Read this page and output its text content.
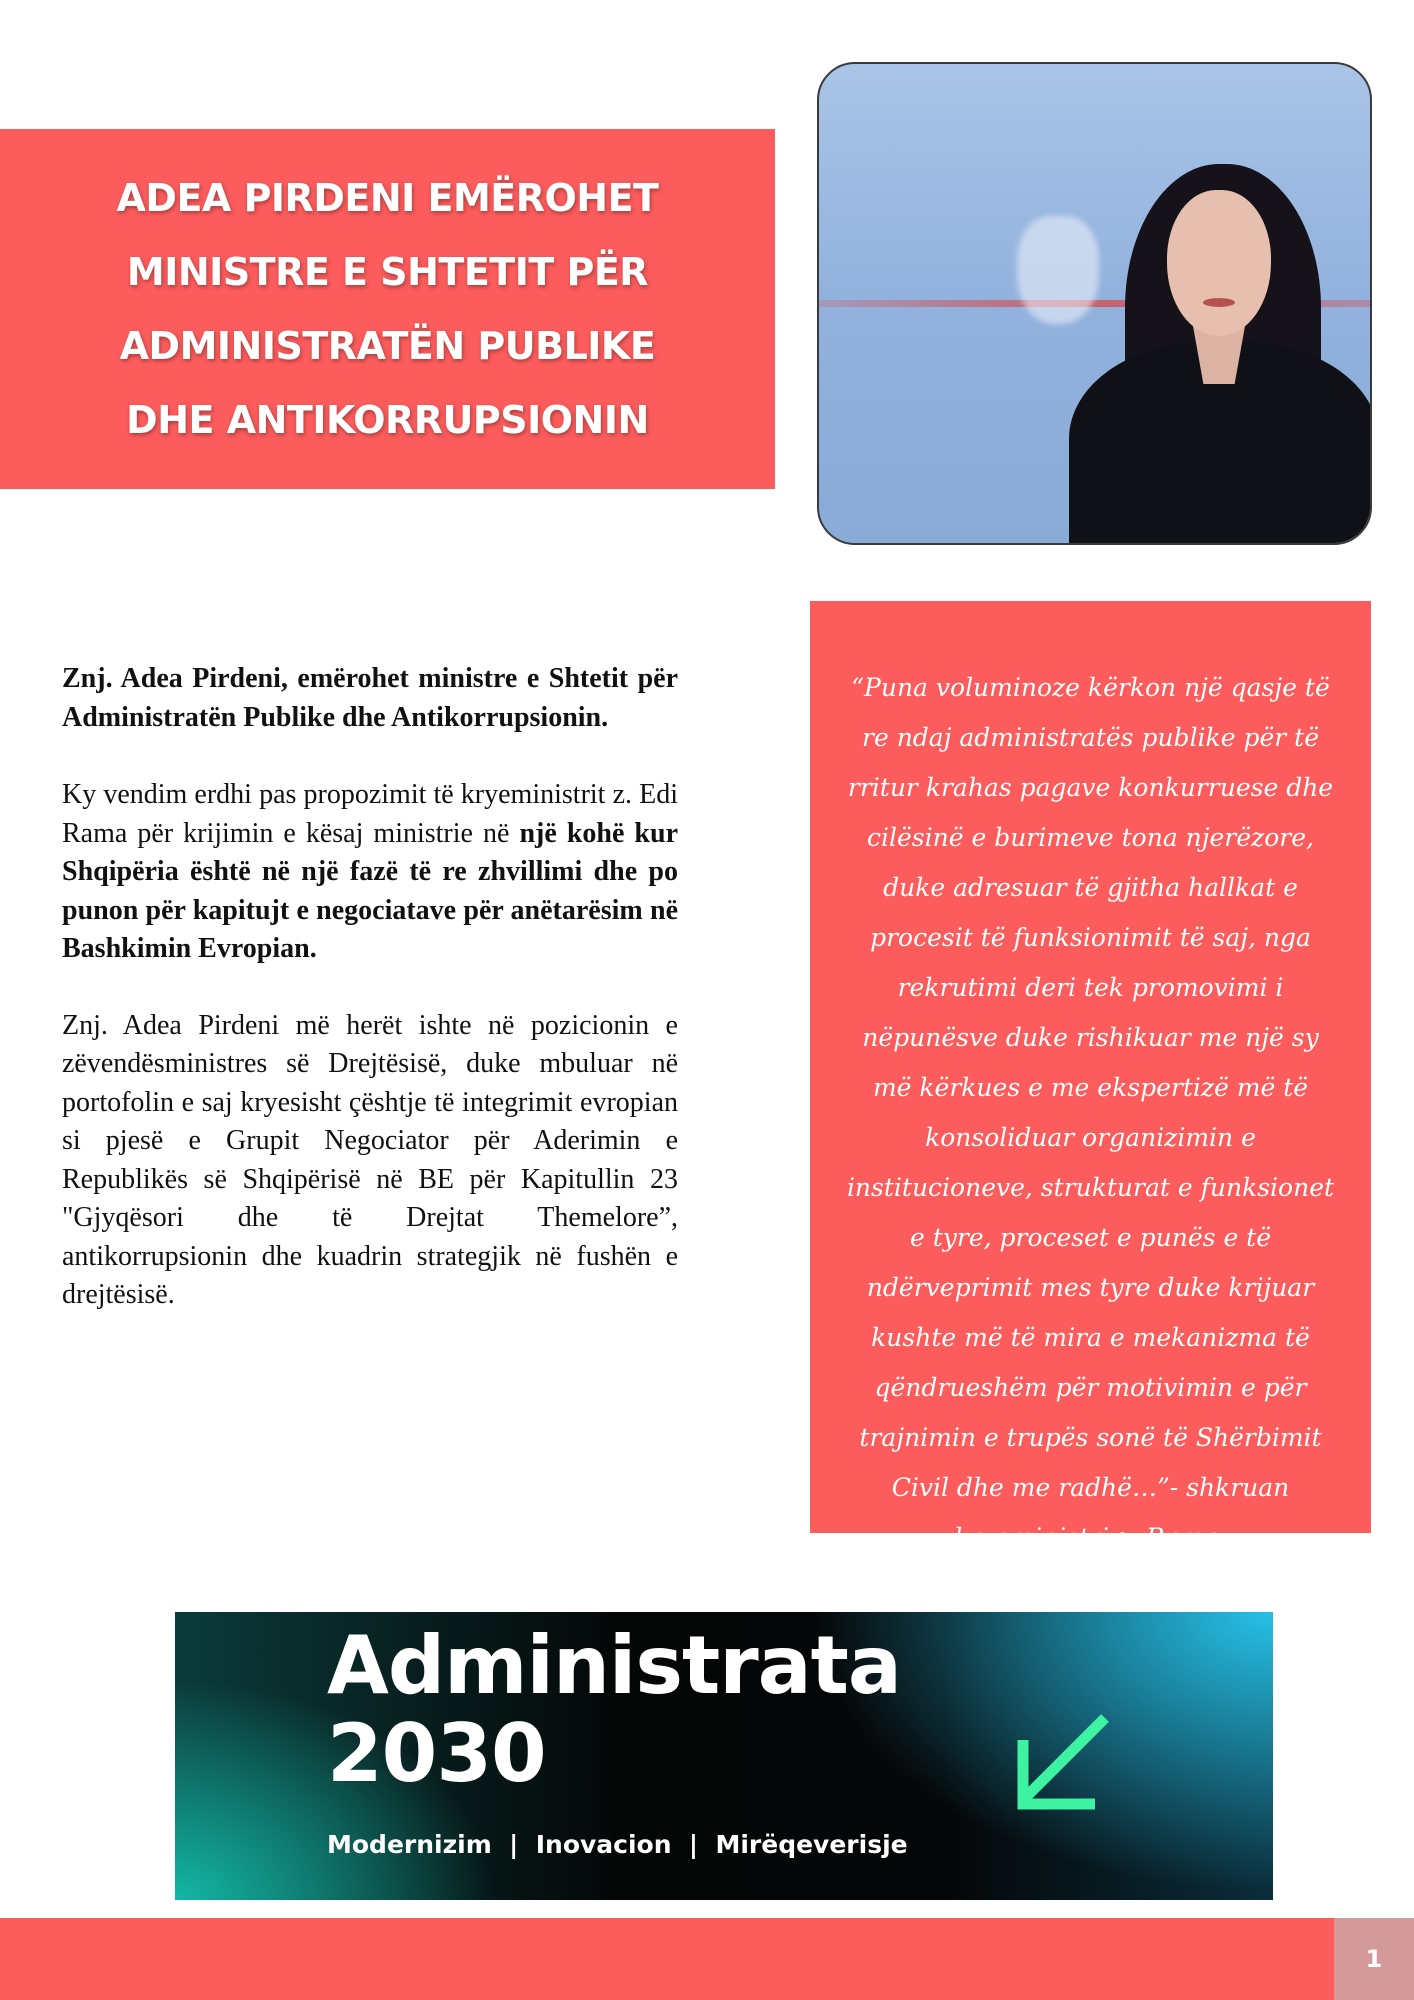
ADEA PIRDENI EMËROHET MINISTRE E SHTETIT PËR ADMINISTRATËN PUBLIKE DHE ANTIKORRUPSIONIN

Znj. Adea Pirdeni, emërohet ministre e Shtetit për Administratën Publike dhe Antikorrupsionin.

Ky vendim erdhi pas propozimit të kryeministrit z. Edi Rama për krijimin e kësaj ministrie në një kohë kur Shqipëria është në një fazë të re zhvillimi dhe po punon për kapitujt e negociatave për anëtarësim në Bashkimin Evropian.

Znj. Adea Pirdeni më herët ishte në pozicionin e zëvendësministres së Drejtësisë, duke mbuluar në portofolin e saj kryesisht çështje të integrimit evropian si pjesë e Grupit Negociator për Aderimin e Republikës së Shqipërisë në BE për Kapitullin 23 "Gjyqësori dhe të Drejtat Themelore”, antikorrupsionin dhe kuadrin strategjik në fushën e drejtësisë.

“Puna voluminoze kërkon një qasje të re ndaj administratës publike për të rritur krahas pagave konkurruese dhe cilësinë e burimeve tona njerëzore, duke adresuar të gjitha hallkat e procesit të funksionimit të saj, nga rekrutimi deri tek promovimi i nëpunësve duke rishikuar me një sy më kërkues e me ekspertizë më të konsoliduar organizimin e institucioneve, strukturat e funksionet e tyre, proceset e punës e të ndërveprimit mes tyre duke krijuar kushte më të mira e mekanizma të qëndrueshëm për motivimin e për trajnimin e trupës sonë të Shërbimit Civil dhe me radhë…”- shkruan kryeministri z. Rama.

Administrata
2030
Modernizim  |  Inovacion  |  Mirëqeverisje
1
